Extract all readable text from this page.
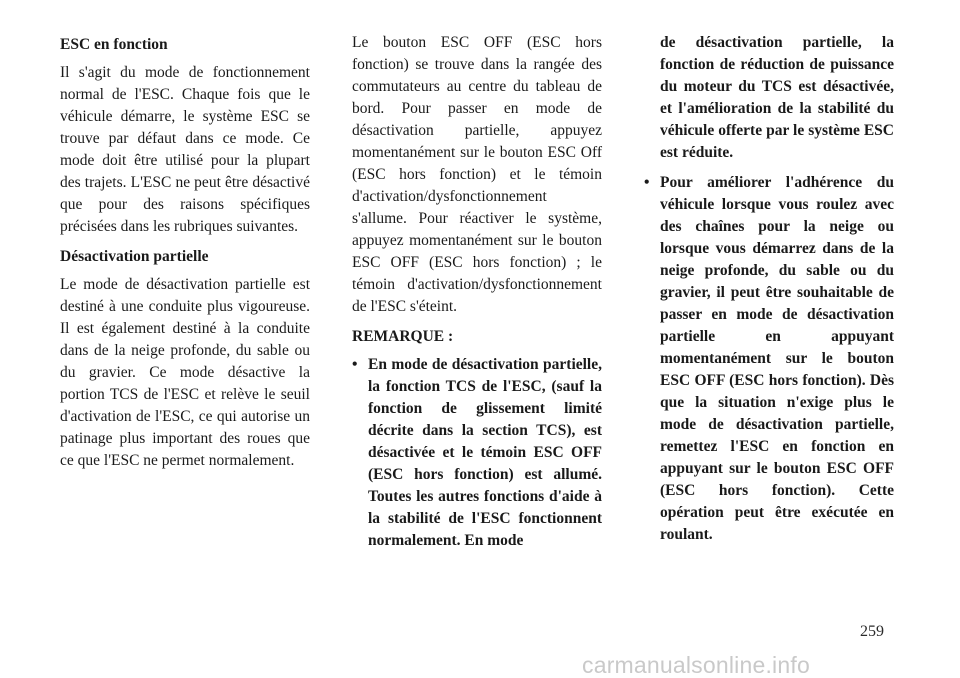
ESC en fonction

Il s'agit du mode de fonctionnement normal de l'ESC. Chaque fois que le véhicule démarre, le système ESC se trouve par défaut dans ce mode. Ce mode doit être utilisé pour la plupart des trajets. L'ESC ne peut être désactivé que pour des raisons spécifiques précisées dans les rubriques suivantes.

Désactivation partielle

Le mode de désactivation partielle est destiné à une conduite plus vigoureuse. Il est également destiné à la conduite dans de la neige profonde, du sable ou du gravier. Ce mode désactive la portion TCS de l'ESC et relève le seuil d'activation de l'ESC, ce qui autorise un patinage plus important des roues que ce que l'ESC ne permet normalement.

Le bouton ESC OFF (ESC hors fonction) se trouve dans la rangée des commutateurs au centre du tableau de bord. Pour passer en mode de désactivation partielle, appuyez momentanément sur le bouton ESC Off (ESC hors fonction) et le témoin d'activation/dysfonctionnement s'allume. Pour réactiver le système, appuyez momentanément sur le bouton ESC OFF (ESC hors fonction) ; le témoin d'activation/dysfonctionnement de l'ESC s'éteint.

REMARQUE :
• En mode de désactivation partielle, la fonction TCS de l'ESC, (sauf la fonction de glissement limité décrite dans la section TCS), est désactivée et le témoin ESC OFF (ESC hors fonction) est allumé. Toutes les autres fonctions d'aide à la stabilité de l'ESC fonctionnent normalement. En mode

de désactivation partielle, la fonction de réduction de puissance du moteur du TCS est désactivée, et l'amélioration de la stabilité du véhicule offerte par le système ESC est réduite.

• Pour améliorer l'adhérence du véhicule lorsque vous roulez avec des chaînes pour la neige ou lorsque vous démarrez dans de la neige profonde, du sable ou du gravier, il peut être souhaitable de passer en mode de désactivation partielle en appuyant momentanément sur le bouton ESC OFF (ESC hors fonction). Dès que la situation n'exige plus le mode de désactivation partielle, remettez l'ESC en fonction en appuyant sur le bouton ESC OFF (ESC hors fonction). Cette opération peut être exécutée en roulant.
259
carmanualsonline.info
